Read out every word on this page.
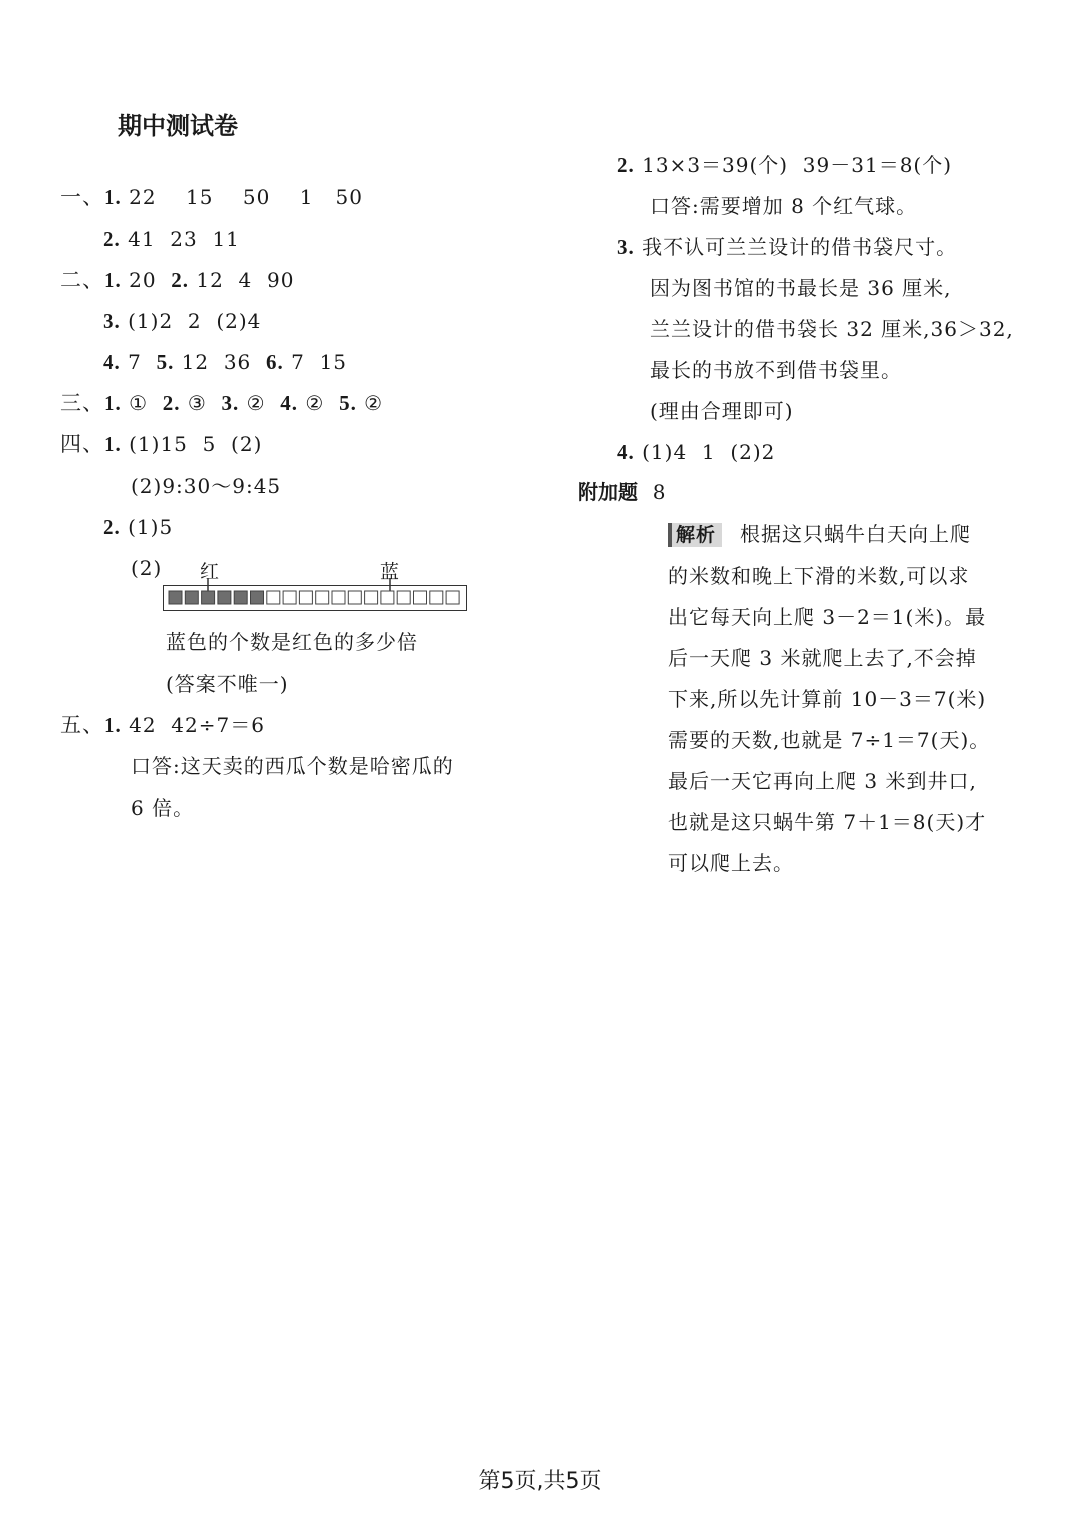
期中测试卷
一、1. 22    15    50    1   50
2. 41  23  11
二、1. 20 2. 12  4  90
3. (1)2  2  (2)4
4. 7 5. 12  36 6. 7  15
三、1. ① 2. ③ 3. ② 4. ② 5. ②
四、1. (1)15  5  (2)
(2)9:30～9:45
2. (1)5
(2) 红	蓝
蓝色的个数是红色的多少倍
(答案不唯一)
五、1. 42  42÷7＝6
口答:这天卖的西瓜个数是哈密瓜的
6 倍。
2. 13×3＝39(个)  39－31＝8(个)
口答:需要增加 8 个红气球。
3. 我不认可兰兰设计的借书袋尺寸。
因为图书馆的书最长是 36 厘米,
兰兰设计的借书袋长 32 厘米,36＞32,
最长的书放不到借书袋里。
(理由合理即可)
4. (1)4  1  (2)2
附加题 8
解析 根据这只蜗牛白天向上爬
的米数和晚上下滑的米数,可以求
出它每天向上爬 3－2＝1(米)。最
后一天爬 3 米就爬上去了,不会掉
下来,所以先计算前 10－3＝7(米)
需要的天数,也就是 7÷1＝7(天)。
最后一天它再向上爬 3 米到井口,
也就是这只蜗牛第 7＋1＝8(天)才
可以爬上去。
第5页,共5页
